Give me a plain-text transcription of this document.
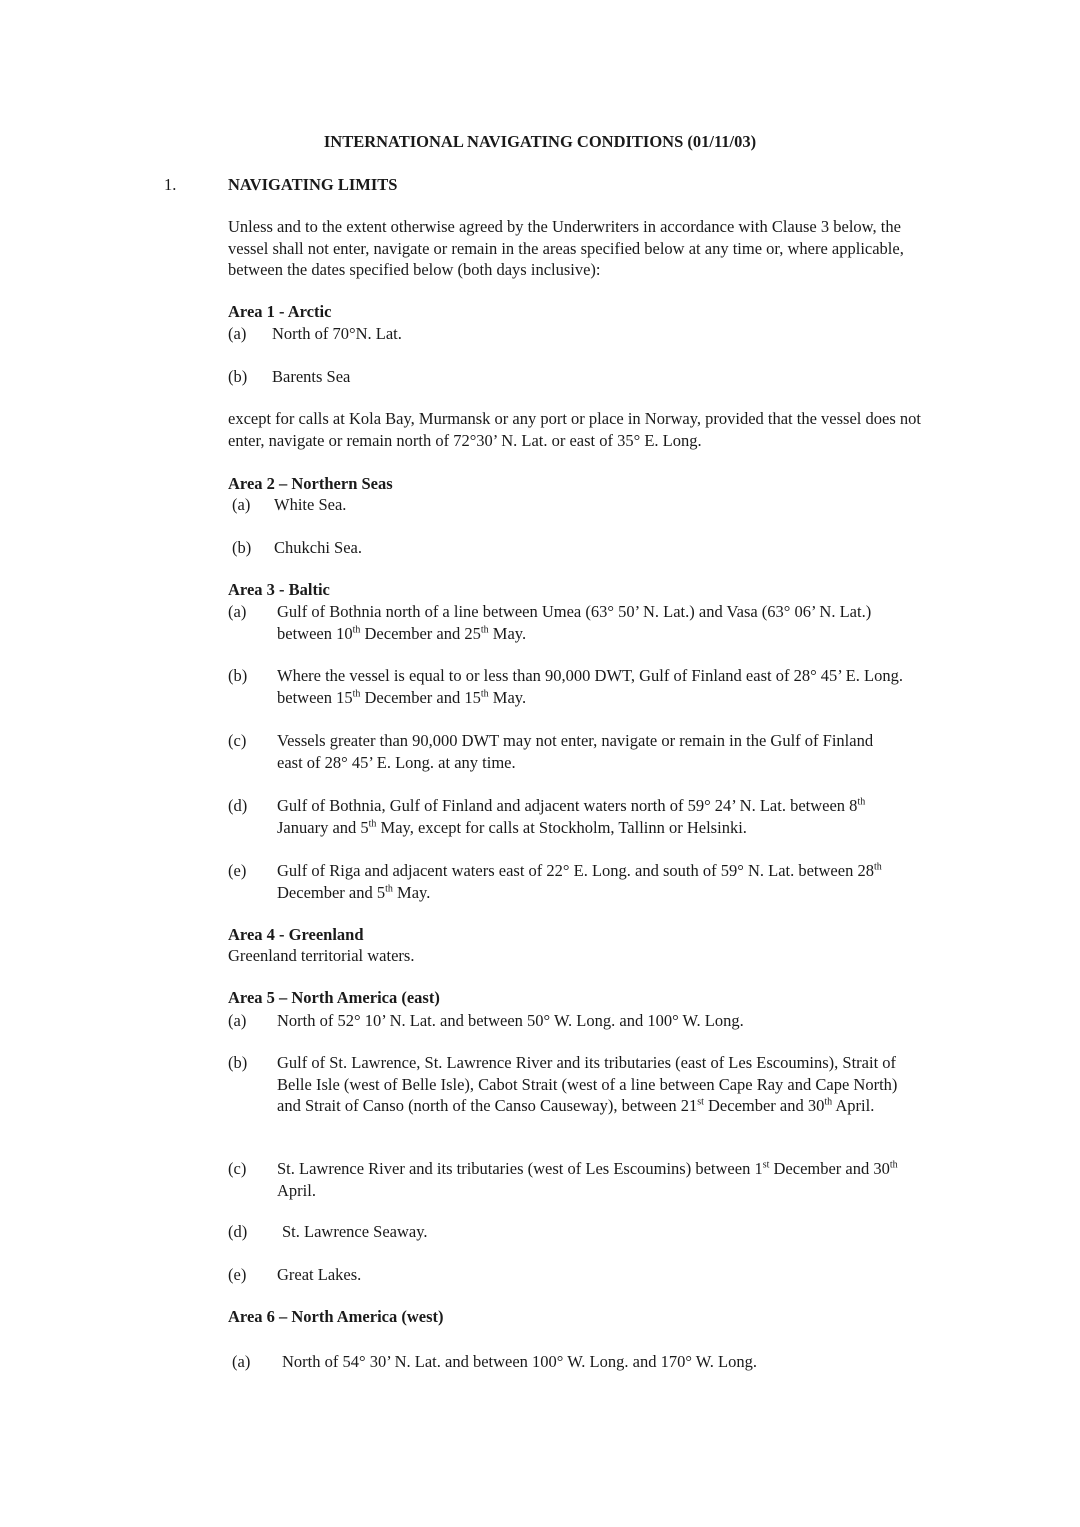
INTERNATIONAL NAVIGATING CONDITIONS (01/11/03)
1.	NAVIGATING LIMITS

Unless and to the extent otherwise agreed by the Underwriters in accordance with Clause 3 below, the vessel shall not enter, navigate or remain in the areas specified below at any time or, where applicable, between the dates specified below (both days inclusive):

Area 1 - Arctic
(a)	North of 70°N. Lat.
(b)	Barents Sea

except for calls at Kola Bay, Murmansk or any port or place in Norway, provided that the vessel does not enter, navigate or remain north of 72°30’ N. Lat. or east of 35° E. Long.

Area 2 – Northern Seas
(a)	White Sea.
(b)	Chukchi Sea.
Area 3 - Baltic
(a)	Gulf of Bothnia north of a line between Umea (63° 50’ N. Lat.) and Vasa (63° 06’ N. Lat.) between 10th December and 25th May.
(b)	Where the vessel is equal to or less than 90,000 DWT, Gulf of Finland east of 28° 45’ E. Long. between 15th December and 15th May.
(c)	Vessels greater than 90,000 DWT may not enter, navigate or remain in the Gulf of Finland east of 28° 45’ E. Long. at any time.
(d)	Gulf of Bothnia, Gulf of Finland and adjacent waters north of 59° 24’ N. Lat. between 8th January and 5th May, except for calls at Stockholm, Tallinn or Helsinki.
(e)	Gulf of Riga and adjacent waters east of 22° E. Long. and south of 59° N. Lat. between 28th December and 5th May.
Area 4 - Greenland
Greenland territorial waters.
Area 5 – North America (east)
(a)	North of 52° 10’ N. Lat. and between 50° W. Long. and 100° W. Long.
(b)	Gulf of St. Lawrence, St. Lawrence River and its tributaries (east of Les Escoumins), Strait of Belle Isle (west of Belle Isle), Cabot Strait (west of a line between Cape Ray and Cape North) and Strait of Canso (north of the Canso Causeway), between 21st December and 30th April.
(c)	St. Lawrence River and its tributaries (west of Les Escoumins) between 1st December and 30th April.
(d)	St. Lawrence Seaway.
(e)	Great Lakes.
Area 6 – North America (west)
(a)	North of 54° 30’ N. Lat. and between 100° W. Long. and 170° W. Long.
